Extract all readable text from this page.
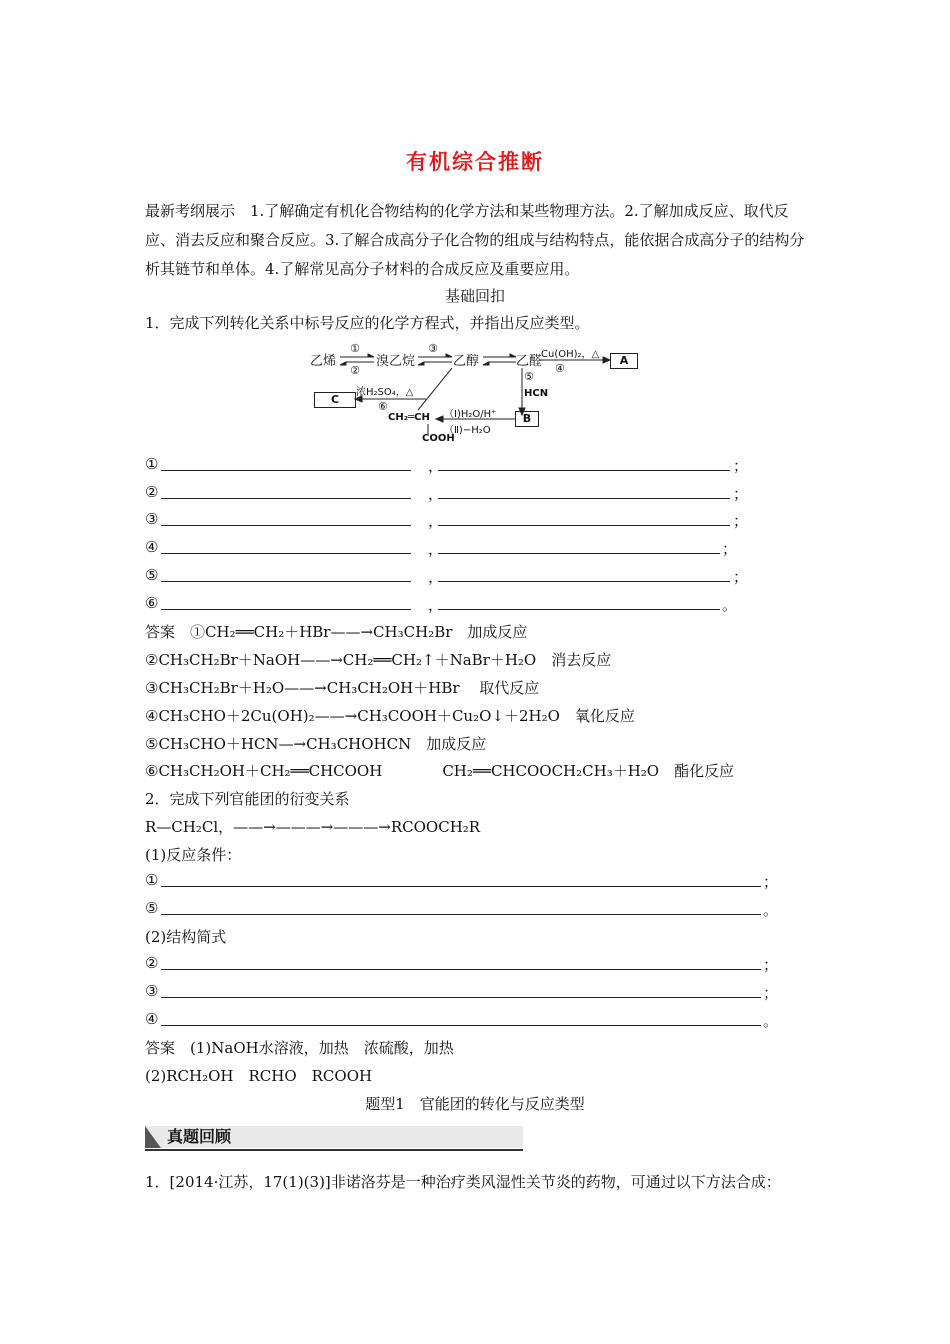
有机综合推断
最新考纲展示　1.了解确定有机化合物结构的化学方法和某些物理方法。2.了解加成反应、取代反应、消去反应和聚合反应。3.了解合成高分子化合物的组成与结构特点，能依据合成高分子的结构分析其链节和单体。4.了解常见高分子材料的合成反应及重要应用。
基础回扣
1．完成下列转化关系中标号反应的化学方程式，并指出反应类型。
乙烯
①
②
溴乙烷
③
乙醇	乙醛
Cu(OH)₂，△
④
A
⑤
HCN
B
C
浓H₂SO₄，△
⑥
CH₂═CH
COOH
（Ⅰ)H₂O/H⁺
（Ⅱ)−H₂O
①	，	；
②	，	；
③	，	；
④	，	；
⑤	，	；
⑥	，	。
答案　①CH₂══CH₂＋HBr——→CH₃CH₂Br　加成反应
②CH₃CH₂Br＋NaOH——→CH₂══CH₂↑＋NaBr＋H₂O　消去反应
③CH₃CH₂Br＋H₂O——→CH₃CH₂OH＋HBr　 取代反应
④CH₃CHO＋2Cu(OH)₂——→CH₃COOH＋Cu₂O↓＋2H₂O　氧化反应
⑤CH₃CHO＋HCN—→CH₃CHOHCN　加成反应
⑥CH₃CH₂OH＋CH₂══CHCOOH　　　　CH₂══CHCOOCH₂CH₃＋H₂O　酯化反应
2．完成下列官能团的衍变关系
R—CH₂Cl，——→———→———→RCOOCH₂R
(1)反应条件：
①	；
⑤	。
(2)结构简式
②	；
③	；
④	。
答案　(1)NaOH水溶液，加热　浓硫酸，加热
(2)RCH₂OH　RCHO　RCOOH
题型1　官能团的转化与反应类型
真题回顾
1．[2014·江苏，17(1)(3)]非诺洛芬是一种治疗类风湿性关节炎的药物，可通过以下方法合成：
